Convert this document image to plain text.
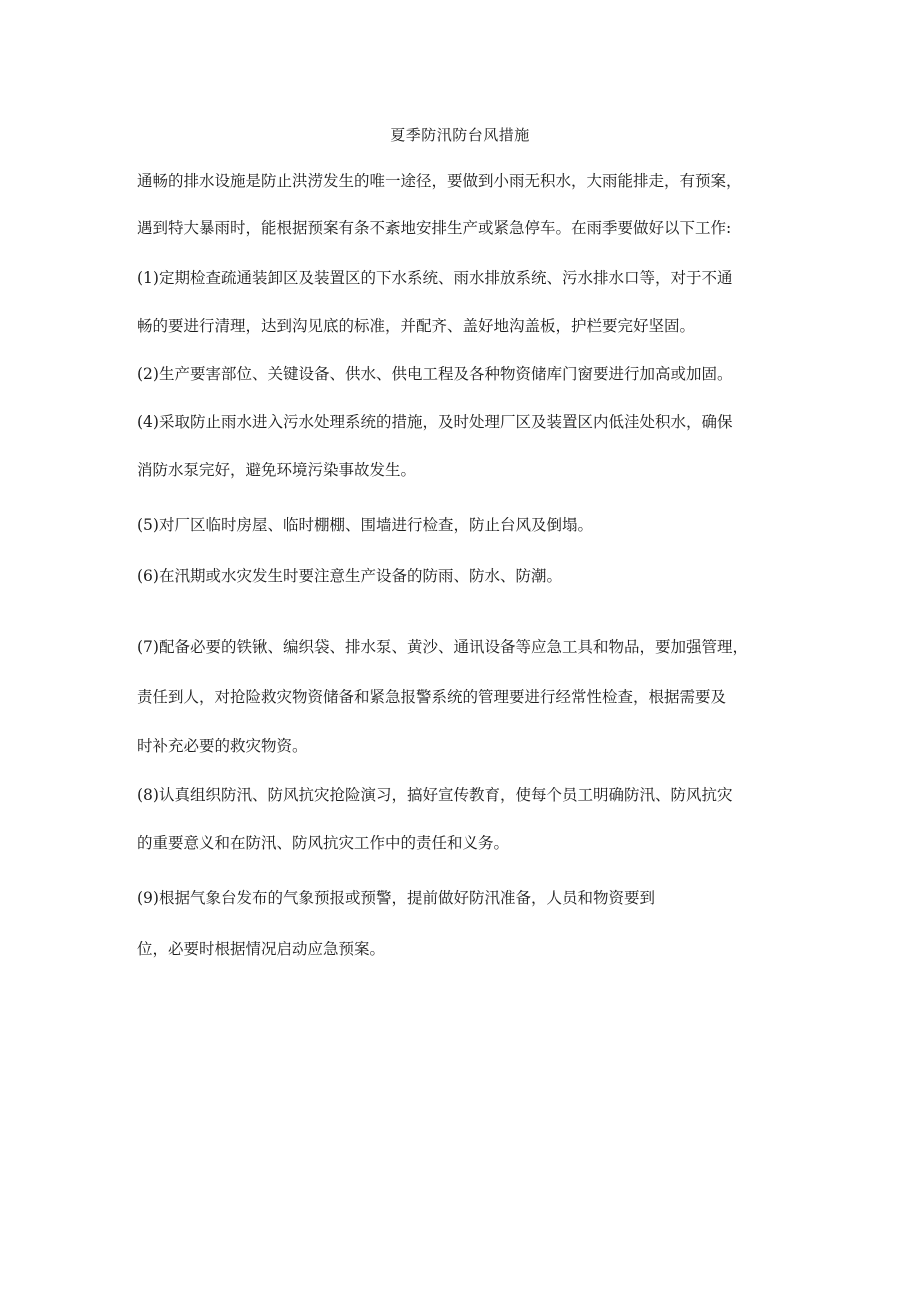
夏季防汛防台风措施
通畅的排水设施是防止洪涝发生的唯一途径，要做到小雨无积水，大雨能排走，有预案，
遇到特大暴雨时，能根据预案有条不紊地安排生产或紧急停车。在雨季要做好以下工作:
(1)定期检查疏通装卸区及装置区的下水系统、雨水排放系统、污水排水口等，对于不通
畅的要进行清理，达到沟见底的标准，并配齐、盖好地沟盖板，护栏要完好坚固。
(2)生产要害部位、关键设备、供水、供电工程及各种物资储库门窗要进行加高或加固。
(4)采取防止雨水进入污水处理系统的措施，及时处理厂区及装置区内低洼处积水，确保
消防水泵完好，避免环境污染事故发生。
(5)对厂区临时房屋、临时棚棚、围墙进行检查，防止台风及倒塌。
(6)在汛期或水灾发生时要注意生产设备的防雨、防水、防潮。
(7)配备必要的铁锹、编织袋、排水泵、黄沙、通讯设备等应急工具和物品，要加强管理，
责任到人，对抢险救灾物资储备和紧急报警系统的管理要进行经常性检查，根据需要及
时补充必要的救灾物资。
(8)认真组织防汛、防风抗灾抢险演习，搞好宣传教育，使每个员工明确防汛、防风抗灾
的重要意义和在防汛、防风抗灾工作中的责任和义务。
(9)根据气象台发布的气象预报或预警，提前做好防汛准备，人员和物资要到
位，必要时根据情况启动应急预案。
